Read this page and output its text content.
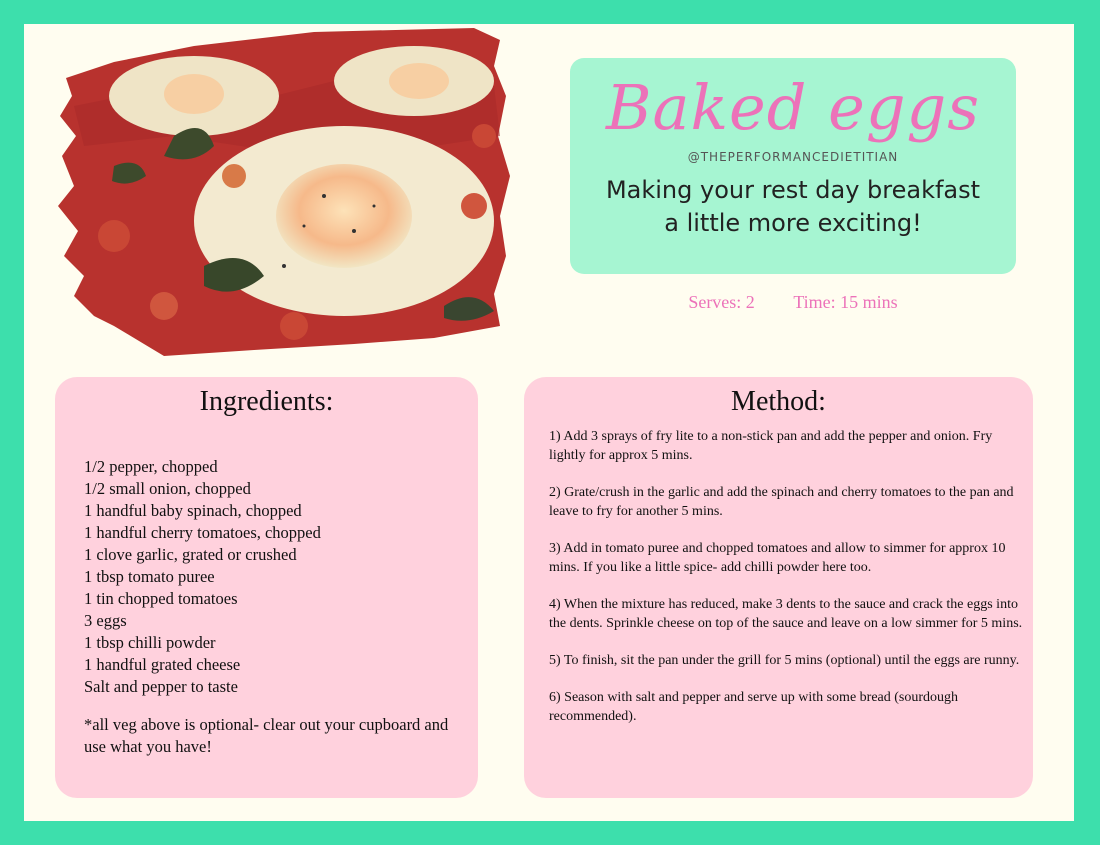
Baked eggs
@THEPERFORMANCEDIETITIAN
Making your rest day breakfast
a little more exciting!
Serves: 2 Time: 15 mins
Ingredients:
1/2 pepper, chopped
1/2 small onion, chopped
1 handful baby spinach, chopped
1 handful cherry tomatoes, chopped
1 clove garlic, grated or crushed
1 tbsp tomato puree
1 tin chopped tomatoes
3 eggs
1 tbsp chilli powder
1 handful grated cheese
Salt and pepper to taste
*all veg above is optional- clear out your cupboard and use what you have!
Method:
1) Add 3 sprays of fry lite to a non-stick pan and add the pepper and onion. Fry lightly for approx 5 mins.
2) Grate/crush in the garlic and add the spinach and cherry tomatoes to the pan and leave to fry for another 5 mins.
3) Add in tomato puree and chopped tomatoes and allow to simmer for approx 10 mins. If you like a little spice- add chilli powder here too.
4) When the mixture has reduced, make 3 dents to the sauce and crack the eggs into the dents. Sprinkle cheese on top of the sauce and leave on a low simmer for 5 mins.
5) To finish, sit the pan under the grill for 5 mins (optional) until the eggs are runny.
6) Season with salt and pepper and serve up with some bread (sourdough recommended).
